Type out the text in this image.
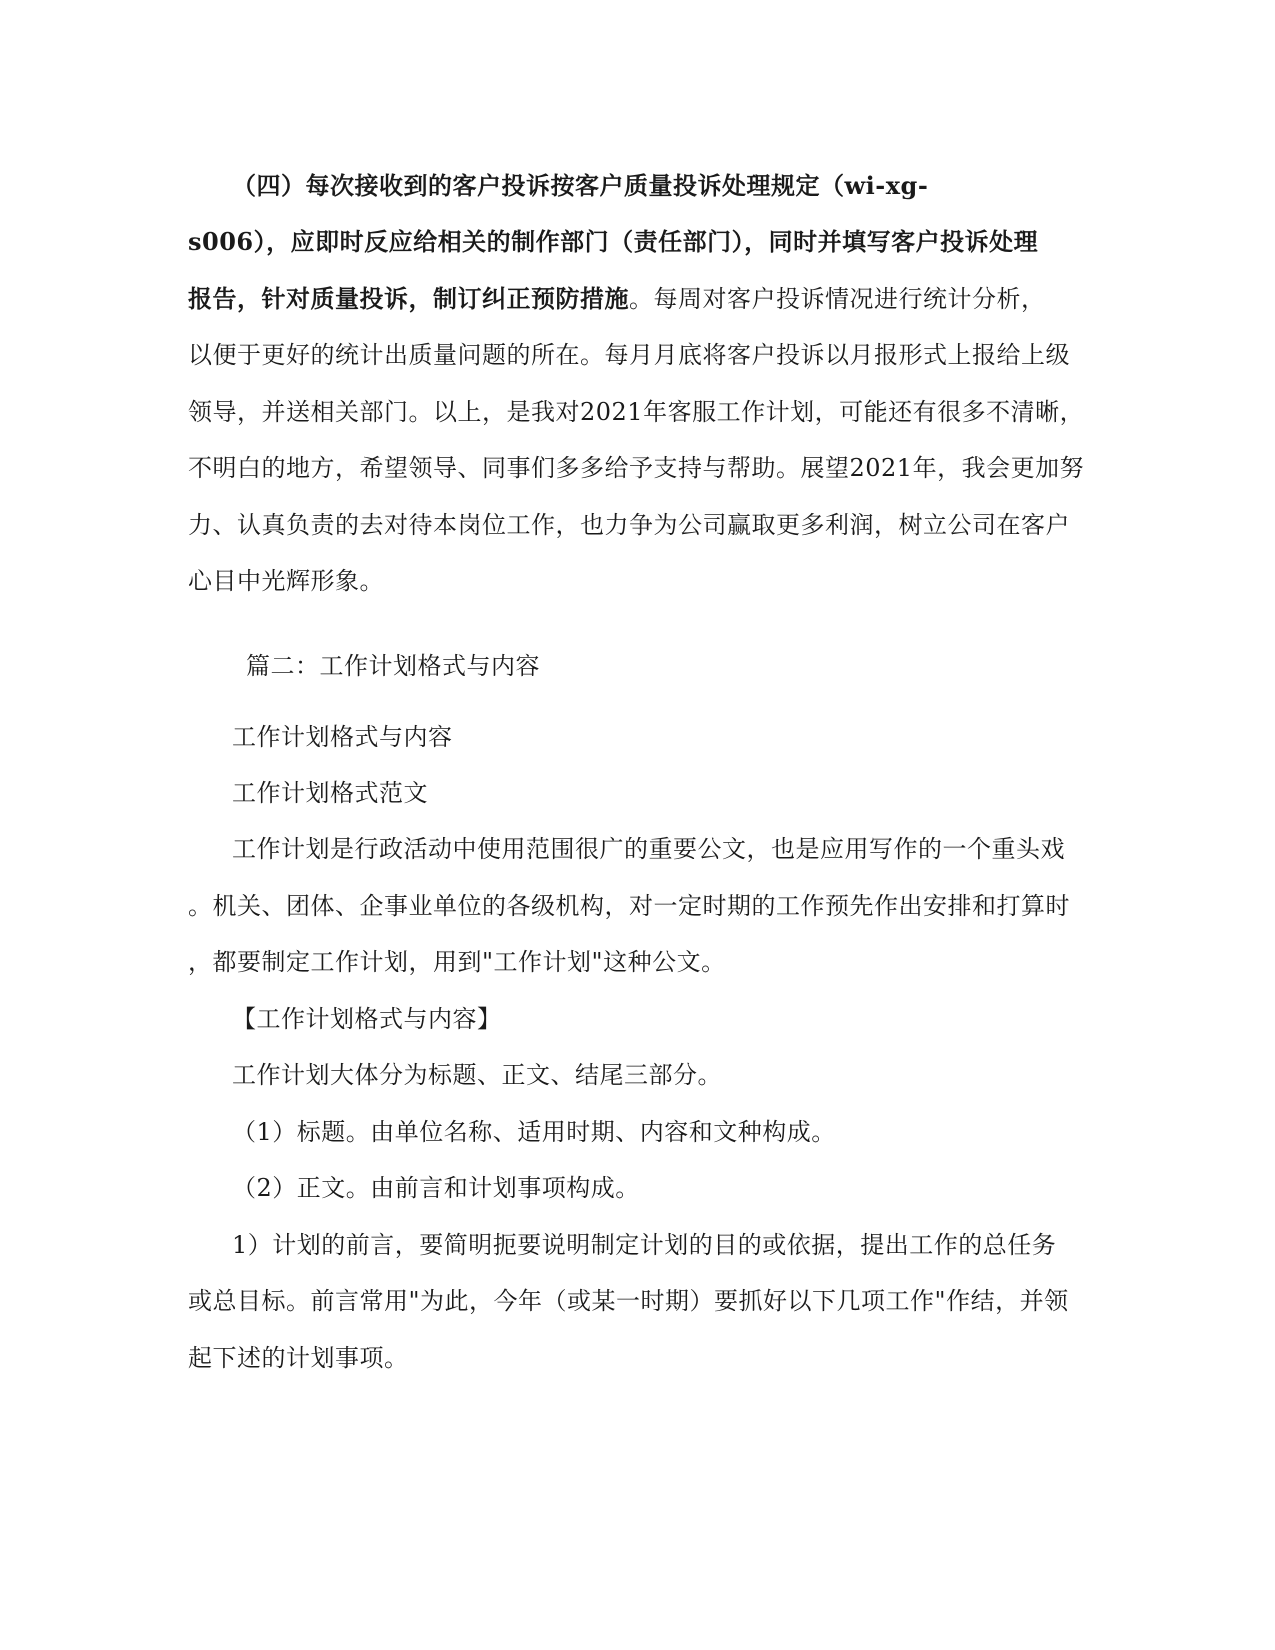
（四）每次接收到的客户投诉按客户质量投诉处理规定（wi-xg-
s006），应即时反应给相关的制作部门（责任部门），同时并填写客户投诉处理
报告，针对质量投诉，制订纠正预防措施。每周对客户投诉情况进行统计分析，
以便于更好的统计出质量问题的所在。每月月底将客户投诉以月报形式上报给上级
领导，并送相关部门。以上，是我对2021年客服工作计划，可能还有很多不清晰，
不明白的地方，希望领导、同事们多多给予支持与帮助。展望2021年，我会更加努
力、认真负责的去对待本岗位工作，也力争为公司赢取更多利润，树立公司在客户
心目中光辉形象。
篇二：工作计划格式与内容
工作计划格式与内容
工作计划格式范文
工作计划是行政活动中使用范围很广的重要公文，也是应用写作的一个重头戏
。机关、团体、企事业单位的各级机构，对一定时期的工作预先作出安排和打算时
，都要制定工作计划，用到"工作计划"这种公文。
【工作计划格式与内容】
工作计划大体分为标题、正文、结尾三部分。
（1）标题。由单位名称、适用时期、内容和文种构成。
（2）正文。由前言和计划事项构成。
1）计划的前言，要简明扼要说明制定计划的目的或依据，提出工作的总任务
或总目标。前言常用"为此，今年（或某一时期）要抓好以下几项工作"作结，并领
起下述的计划事项。
